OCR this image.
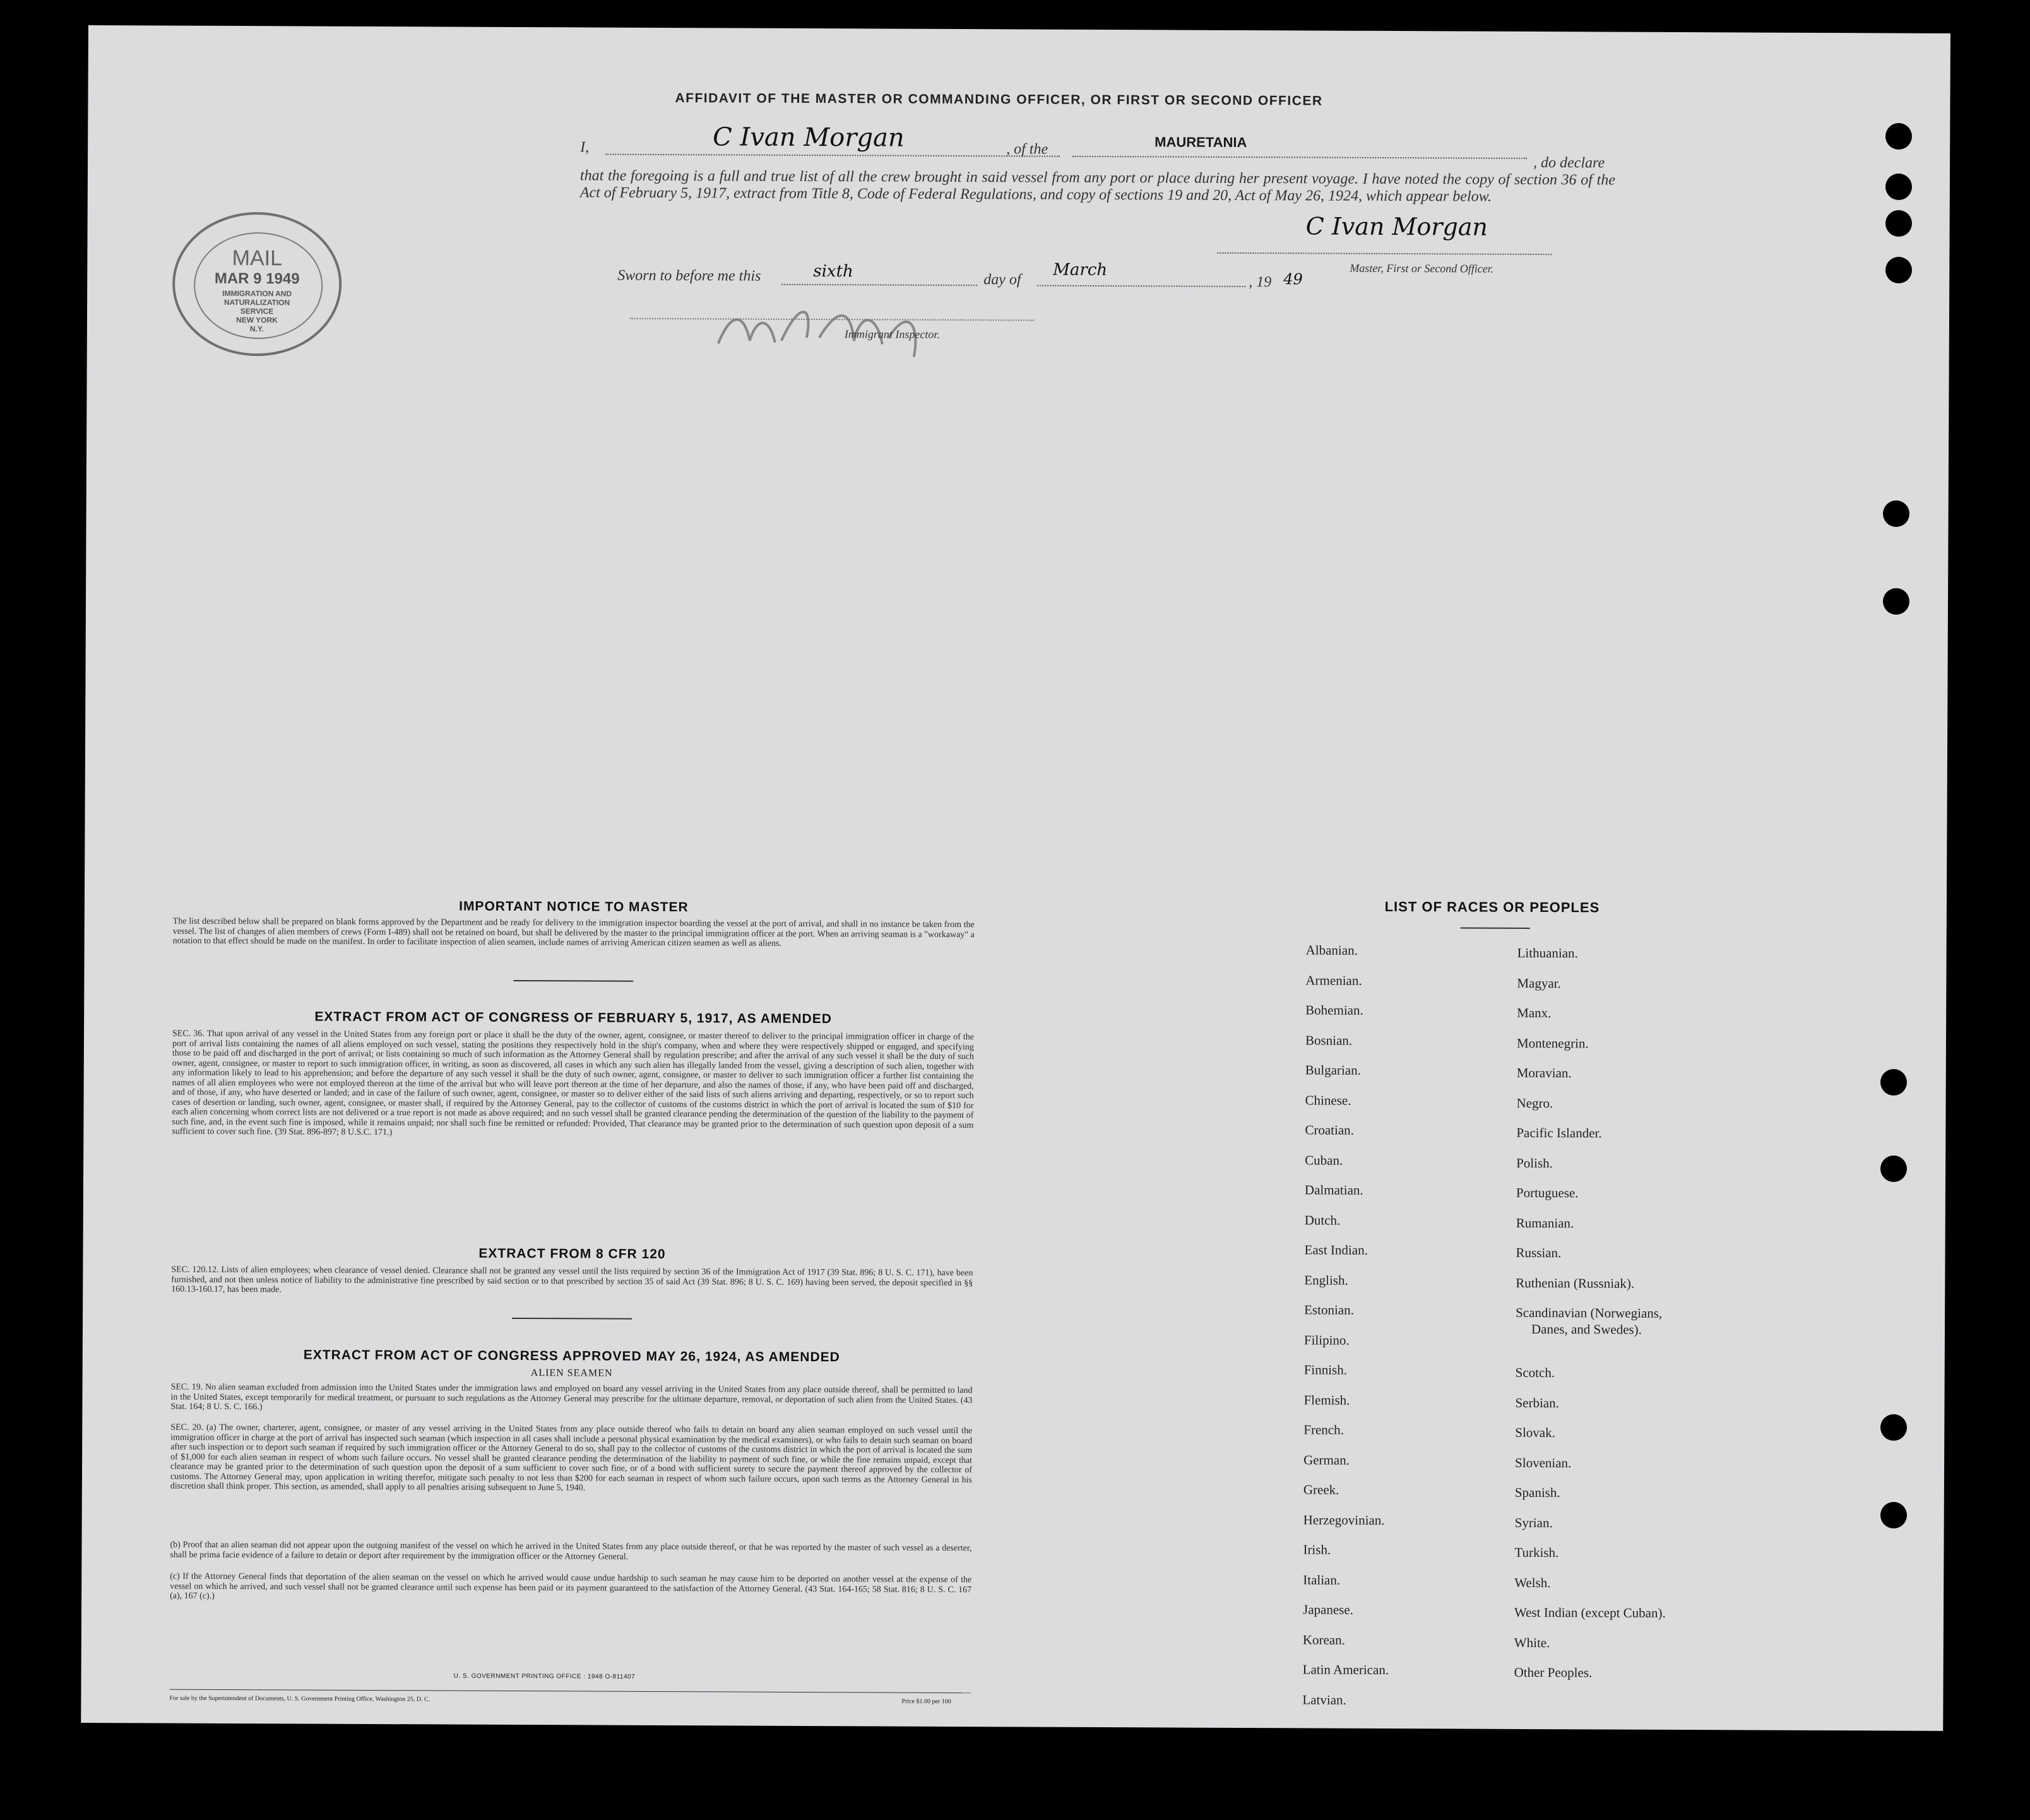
AFFIDAVIT OF THE MASTER OR COMMANDING OFFICER, OR FIRST OR SECOND OFFICER
I,	C Ivan Morgan	, of the	MAURETANIA
, do declare
that the foregoing is a full and true list of all the crew brought in said vessel from any port or place during her present voyage. I have noted the copy of section 36 of the Act of February 5, 1917, extract from Title 8, Code of Federal Regulations, and copy of sections 19 and 20, Act of May 26, 1924, which appear below.
C Ivan Morgan
Master, First or Second Officer.
Sworn to before me this	sixth	day of
March
, 19 49
Immigrant Inspector.
MAIL
MAR 9 1949
IMMIGRATION AND
NATURALIZATION
SERVICE
NEW YORK
N.Y.
IMPORTANT NOTICE TO MASTER
The list described below shall be prepared on blank forms approved by the Department and be ready for delivery to the immigration inspector boarding the vessel at the port of arrival, and shall in no instance be taken from the vessel. The list of changes of alien members of crews (Form I-489) shall not be retained on board, but shall be delivered by the master to the principal immigration officer at the port. When an arriving seaman is a "workaway" a notation to that effect should be made on the manifest. In order to facilitate inspection of alien seamen, include names of arriving American citizen seamen as well as aliens.
EXTRACT FROM ACT OF CONGRESS OF FEBRUARY 5, 1917, AS AMENDED
SEC. 36. That upon arrival of any vessel in the United States from any foreign port or place it shall be the duty of the owner, agent, consignee, or master thereof to deliver to the principal immigration officer in charge of the port of arrival lists containing the names of all aliens employed on such vessel, stating the positions they respectively hold in the ship's company, when and where they were respectively shipped or engaged, and specifying those to be paid off and discharged in the port of arrival; or lists containing so much of such information as the Attorney General shall by regulation prescribe; and after the arrival of any such vessel it shall be the duty of such owner, agent, consignee, or master to report to such immigration officer, in writing, as soon as discovered, all cases in which any such alien has illegally landed from the vessel, giving a description of such alien, together with any information likely to lead to his apprehension; and before the departure of any such vessel it shall be the duty of such owner, agent, consignee, or master to deliver to such immigration officer a further list containing the names of all alien employees who were not employed thereon at the time of the arrival but who will leave port thereon at the time of her departure, and also the names of those, if any, who have been paid off and discharged, and of those, if any, who have deserted or landed; and in case of the failure of such owner, agent, consignee, or master so to deliver either of the said lists of such aliens arriving and departing, respectively, or so to report such cases of desertion or landing, such owner, agent, consignee, or master shall, if required by the Attorney General, pay to the collector of customs of the customs district in which the port of arrival is located the sum of $10 for each alien concerning whom correct lists are not delivered or a true report is not made as above required; and no such vessel shall be granted clearance pending the determination of the question of the liability to the payment of such fine, and, in the event such fine is imposed, while it remains unpaid; nor shall such fine be remitted or refunded: Provided, That clearance may be granted prior to the determination of such question upon deposit of a sum sufficient to cover such fine. (39 Stat. 896-897; 8 U.S.C. 171.)
EXTRACT FROM 8 CFR 120
SEC. 120.12. Lists of alien employees; when clearance of vessel denied. Clearance shall not be granted any vessel until the lists required by section 36 of the Immigration Act of 1917 (39 Stat. 896; 8 U. S. C. 171), have been furnished, and not then unless notice of liability to the administrative fine prescribed by said section or to that prescribed by section 35 of said Act (39 Stat. 896; 8 U. S. C. 169) having been served, the deposit specified in §§ 160.13-160.17, has been made.
EXTRACT FROM ACT OF CONGRESS APPROVED MAY 26, 1924, AS AMENDED
ALIEN SEAMEN
SEC. 19. No alien seaman excluded from admission into the United States under the immigration laws and employed on board any vessel arriving in the United States from any place outside thereof, shall be permitted to land in the United States, except temporarily for medical treatment, or pursuant to such regulations as the Attorney General may prescribe for the ultimate departure, removal, or deportation of such alien from the United States. (43 Stat. 164; 8 U. S. C. 166.)
SEC. 20. (a) The owner, charterer, agent, consignee, or master of any vessel arriving in the United States from any place outside thereof who fails to detain on board any alien seaman employed on such vessel until the immigration officer in charge at the port of arrival has inspected such seaman (which inspection in all cases shall include a personal physical examination by the medical examiners), or who fails to detain such seaman on board after such inspection or to deport such seaman if required by such immigration officer or the Attorney General to do so, shall pay to the collector of customs of the customs district in which the port of arrival is located the sum of $1,000 for each alien seaman in respect of whom such failure occurs. No vessel shall be granted clearance pending the determination of the liability to payment of such fine, or while the fine remains unpaid, except that clearance may be granted prior to the determination of such question upon the deposit of a sum sufficient to cover such fine, or of a bond with sufficient surety to secure the payment thereof approved by the collector of customs. The Attorney General may, upon application in writing therefor, mitigate such penalty to not less than $200 for each seaman in respect of whom such failure occurs, upon such terms as the Attorney General in his discretion shall think proper. This section, as amended, shall apply to all penalties arising subsequent to June 5, 1940.
(b) Proof that an alien seaman did not appear upon the outgoing manifest of the vessel on which he arrived in the United States from any place outside thereof, or that he was reported by the master of such vessel as a deserter, shall be prima facie evidence of a failure to detain or deport after requirement by the immigration officer or the Attorney General.
(c) If the Attorney General finds that deportation of the alien seaman on the vessel on which he arrived would cause undue hardship to such seaman he may cause him to be deported on another vessel at the expense of the vessel on which he arrived, and such vessel shall not be granted clearance until such expense has been paid or its payment guaranteed to the satisfaction of the Attorney General. (43 Stat. 164-165; 58 Stat. 816; 8 U. S. C. 167 (a), 167 (c).)
U. S. GOVERNMENT PRINTING OFFICE : 1948 O-811407
For sale by the Superintendent of Documents, U. S. Government Printing Office, Washington 25, D. C.	Price $1.00 per 100
LIST OF RACES OR PEOPLES
Albanian.
Armenian.
Bohemian.
Bosnian.
Bulgarian.
Chinese.
Croatian.
Cuban.
Dalmatian.
Dutch.
East Indian.
English.
Estonian.
Filipino.
Finnish.
Flemish.
French.
German.
Greek.
Herzegovinian.
Irish.
Italian.
Japanese.
Korean.
Latin American.
Latvian.
Lithuanian.
Magyar.
Manx.
Montenegrin.
Moravian.
Negro.
Pacific Islander.
Polish.
Portuguese.
Rumanian.
Russian.
Ruthenian (Russniak).
Scandinavian (Norwegians,
Danes, and Swedes).
Scotch.
Serbian.
Slovak.
Slovenian.
Spanish.
Syrian.
Turkish.
Welsh.
West Indian (except Cuban).
White.
Other Peoples.
